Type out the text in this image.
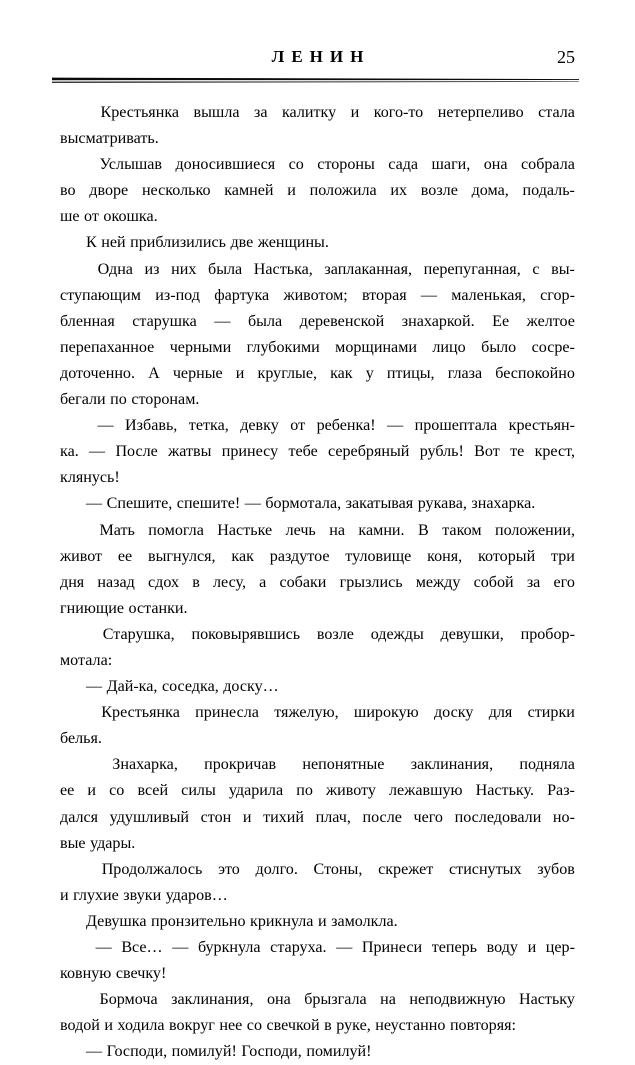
ЛЕНИН	25

Крестьянка вышла за калитку и кого-то нетерпеливо стала
высматривать.

Услышав доносившиеся со стороны сада шаги, она собрала
во дворе несколько камней и положила их возле дома, подаль-
ше от окошка.

К ней приблизились две женщины.

Одна из них была Настька, заплаканная, перепуганная, с вы-
ступающим из-под фартука животом; вторая — маленькая, сгор-
бленная старушка — была деревенской знахаркой. Ее желтое
перепаханное черными глубокими морщинами лицо было сосре-
доточенно. А черные и круглые, как у птицы, глаза беспокойно
бегали по сторонам.

— Избавь, тетка, девку от ребенка! — прошептала крестьян-
ка. — После жатвы принесу тебе серебряный рубль! Вот те крест,
клянусь!

— Спешите, спешите! — бормотала, закатывая рукава, знахарка.

Мать помогла Настьке лечь на камни. В таком положении,
живот ее выгнулся, как раздутое туловище коня, который три
дня назад сдох в лесу, а собаки грызлись между собой за его
гниющие останки.

Старушка, поковырявшись возле одежды девушки, пробор-
мотала:

— Дай-ка, соседка, доску…

Крестьянка принесла тяжелую, широкую доску для стирки
белья.

Знахарка, прокричав непонятные заклинания, подняла
ее и со всей силы ударила по животу лежавшую Настьку. Раз-
дался удушливый стон и тихий плач, после чего последовали но-
вые удары.

Продолжалось это долго. Стоны, скрежет стиснутых зубов
и глухие звуки ударов…

Девушка пронзительно крикнула и замолкла.

— Все… — буркнула старуха. — Принеси теперь воду и цер-
ковную свечку!

Бормоча заклинания, она брызгала на неподвижную Настьку
водой и ходила вокруг нее со свечкой в руке, неустанно повторяя:

— Господи, помилуй! Господи, помилуй!
